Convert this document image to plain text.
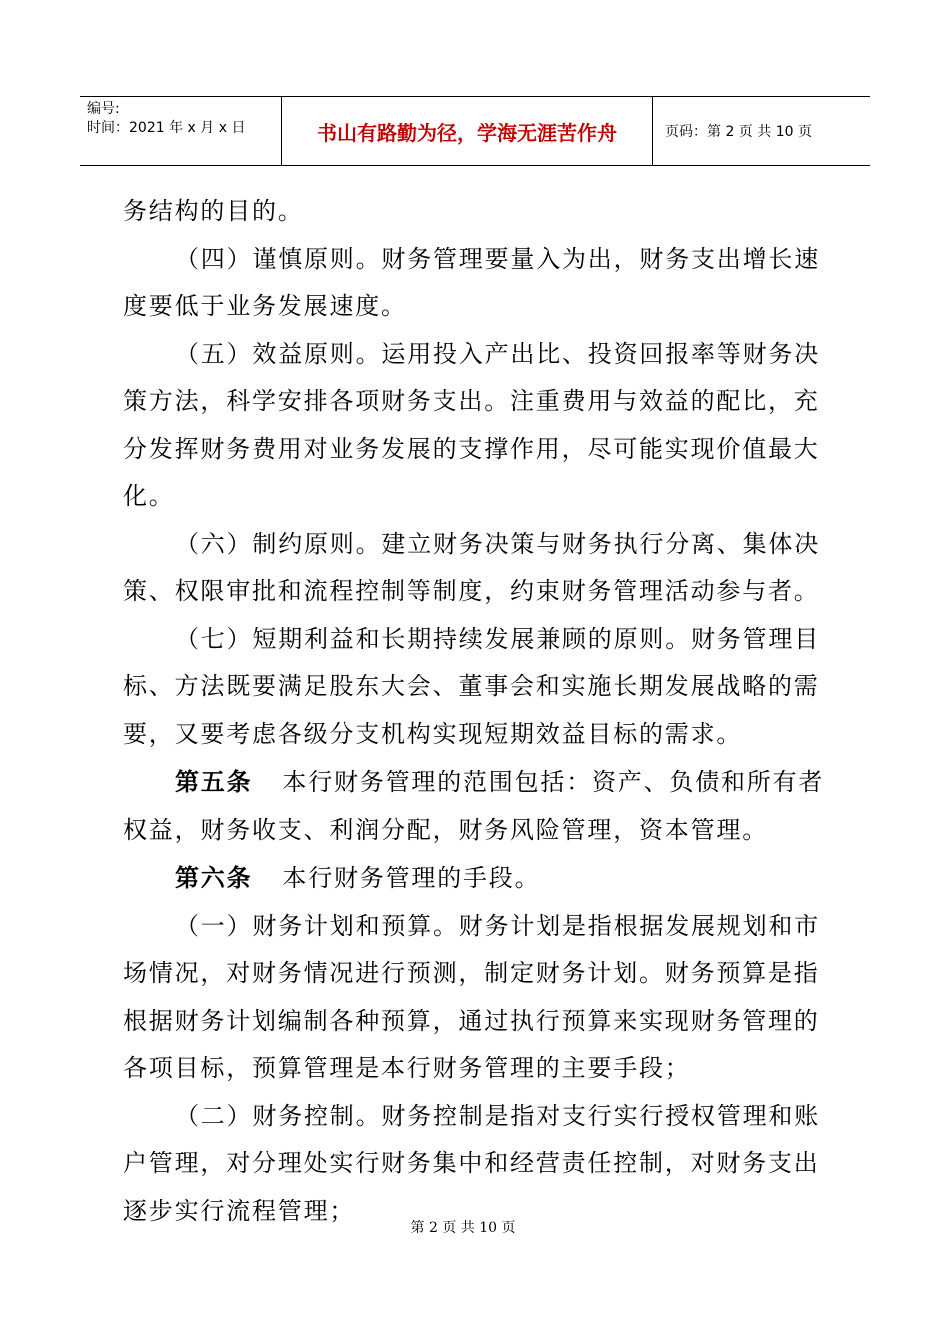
编号:
时间：2021 年 x 月 x 日	书山有路勤为径，学海无涯苦作舟	页码：第 2 页 共 10 页

务结构的目的。

（四）谨慎原则。财务管理要量入为出，财务支出增长速

度要低于业务发展速度。

（五）效益原则。运用投入产出比、投资回报率等财务决

策方法，科学安排各项财务支出。注重费用与效益的配比，充

分发挥财务费用对业务发展的支撑作用，尽可能实现价值最大

化。

（六）制约原则。建立财务决策与财务执行分离、集体决

策、权限审批和流程控制等制度，约束财务管理活动参与者。

（七）短期利益和长期持续发展兼顾的原则。财务管理目

标、方法既要满足股东大会、董事会和实施长期发展战略的需

要，又要考虑各级分支机构实现短期效益目标的需求。

第五条 本行财务管理的范围包括：资产、负债和所有者

权益，财务收支、利润分配，财务风险管理，资本管理。

第六条 本行财务管理的手段。

（一）财务计划和预算。财务计划是指根据发展规划和市

场情况，对财务情况进行预测，制定财务计划。财务预算是指

根据财务计划编制各种预算，通过执行预算来实现财务管理的

各项目标，预算管理是本行财务管理的主要手段；

（二）财务控制。财务控制是指对支行实行授权管理和账

户管理，对分理处实行财务集中和经营责任控制，对财务支出

逐步实行流程管理；

第 2 页 共 10 页
